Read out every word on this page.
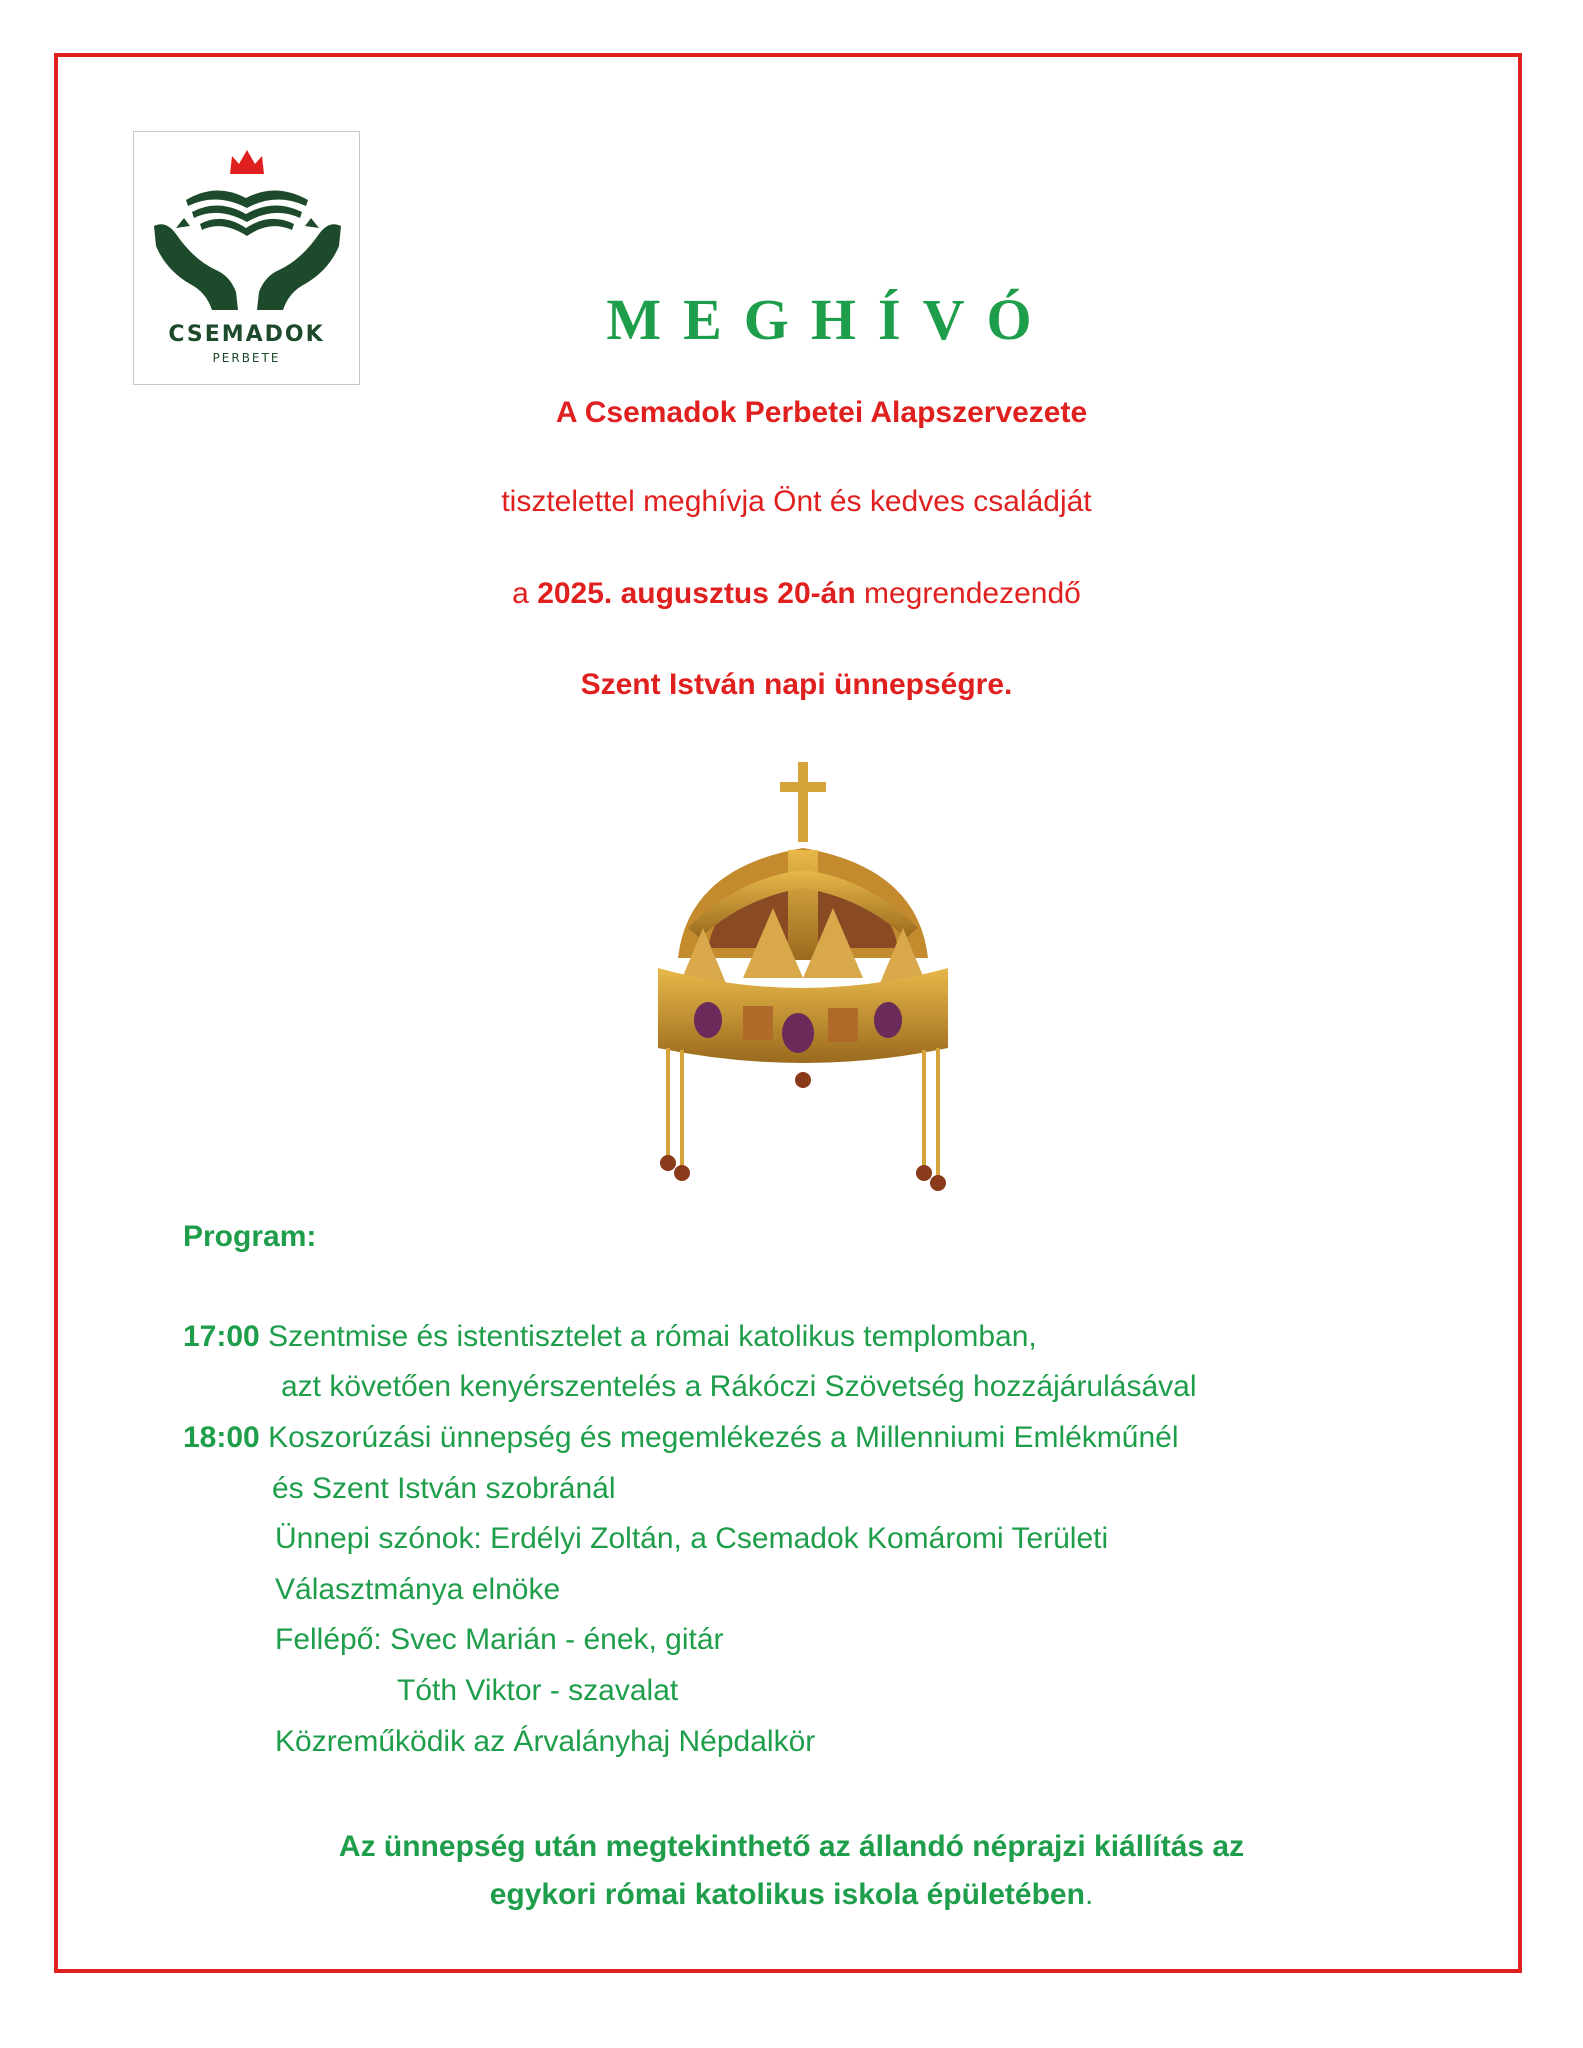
CSEMADOK
PERBETE
MEGHÍVÓ
A Csemadok Perbetei Alapszervezete
tisztelettel meghívja Önt és kedves családját
a 2025. augusztus 20-án megrendezendő
Szent István napi ünnepségre.
Program:
17:00 Szentmise és istentisztelet a római katolikus templomban,
azt követően kenyérszentelés a Rákóczi Szövetség hozzájárulásával
18:00 Koszorúzási ünnepség és megemlékezés a Millenniumi Emlékműnél
és Szent István szobránál
Ünnepi szónok: Erdélyi Zoltán, a Csemadok Komáromi Területi
Választmánya elnöke
Fellépő: Svec Marián - ének, gitár
Tóth Viktor - szavalat
Közreműködik az Árvalányhaj Népdalkör
Az ünnepség után megtekinthető az állandó néprajzi kiállítás az
egykori római katolikus iskola épületében.
